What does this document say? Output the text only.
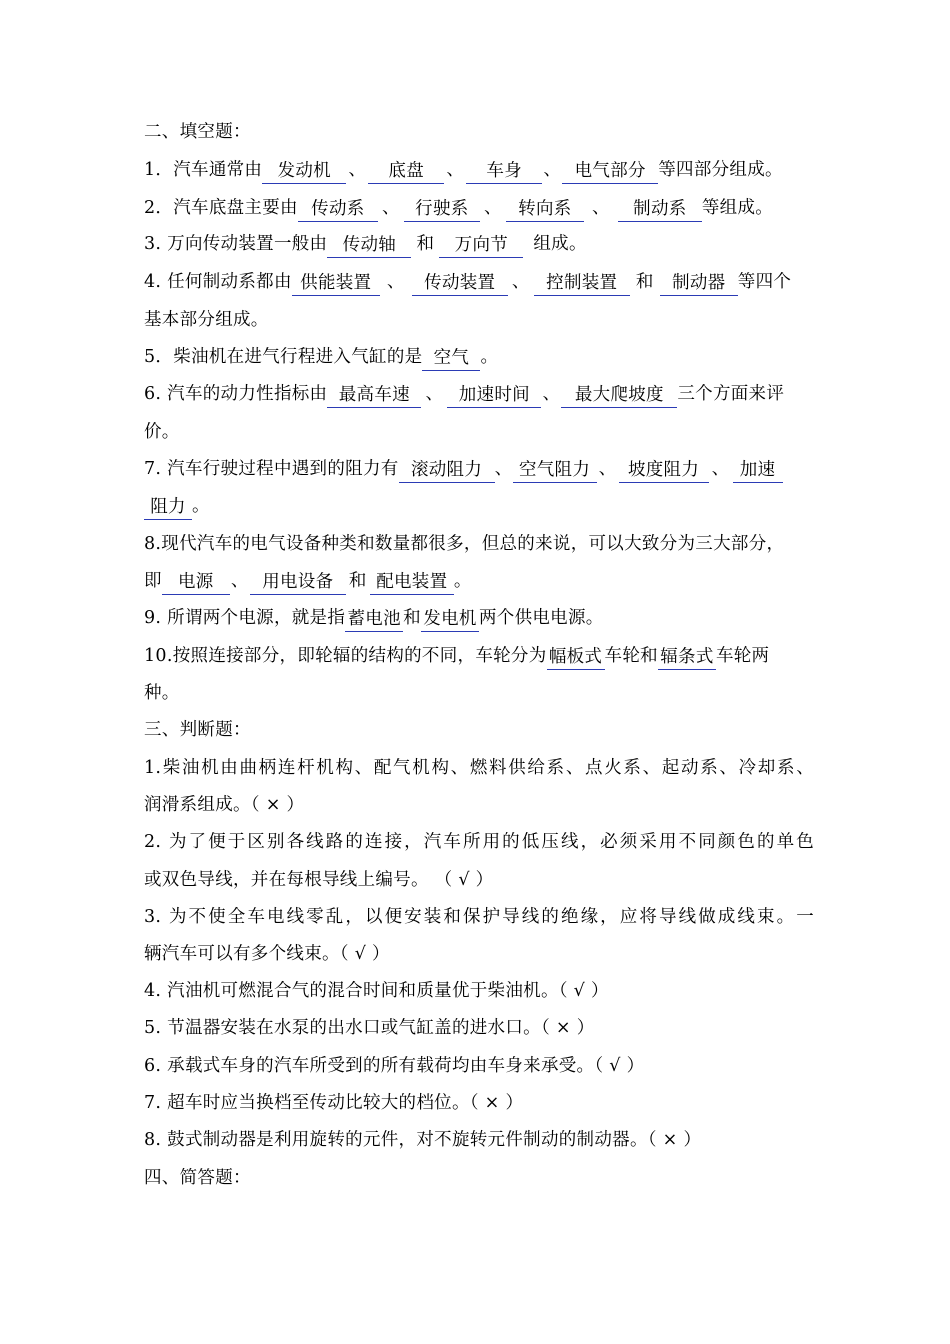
二、填空题：
1．汽车通常由 发动机 、 底盘 、 车身 、 电气部分 等四部分组成。
2．汽车底盘主要由 传动系 、 行驶系 、 转向系 、 制动系 等组成。
3. 万向传动装置一般由 传动轴 和 万向节 组成。
4. 任何制动系都由 供能装置 、 传动装置 、 控制装置 和 制动器 等四个
基本部分组成。
5．柴油机在进气行程进入气缸的是 空气 。
6. 汽车的动力性指标由 最高车速 、 加速时间 、 最大爬坡度 三个方面来评
价。
7. 汽车行驶过程中遇到的阻力有 滚动阻力 、 空气阻力 、 坡度阻力 、 加速
阻力 。
8.现代汽车的电气设备种类和数量都很多，但总的来说，可以大致分为三大部分，
即 电源 、 用电设备 和 配电装置 。
9. 所谓两个电源，就是指 蓄电池 和 发电机 两个供电电源。
10.按照连接部分，即轮辐的结构的不同，车轮分为 幅板式 车轮和 辐条式 车轮两
种。
三、判断题：
1.柴油机由曲柄连杆机构、配气机构、燃料供给系、点火系、起动系、冷却系、
润滑系组成。（ × ）
2. 为了便于区别各线路的连接，汽车所用的低压线，必须采用不同颜色的单色
或双色导线，并在每根导线上编号。 （ √ ）
3. 为不使全车电线零乱，以便安装和保护导线的绝缘，应将导线做成线束。一
辆汽车可以有多个线束。（ √ ）
4. 汽油机可燃混合气的混合时间和质量优于柴油机。（ √ ）
5. 节温器安装在水泵的出水口或气缸盖的进水口。（ × ）
6. 承载式车身的汽车所受到的所有载荷均由车身来承受。（ √ ）
7. 超车时应当换档至传动比较大的档位。（ × ）
8. 鼓式制动器是利用旋转的元件，对不旋转元件制动的制动器。（ × ）
四、简答题：
